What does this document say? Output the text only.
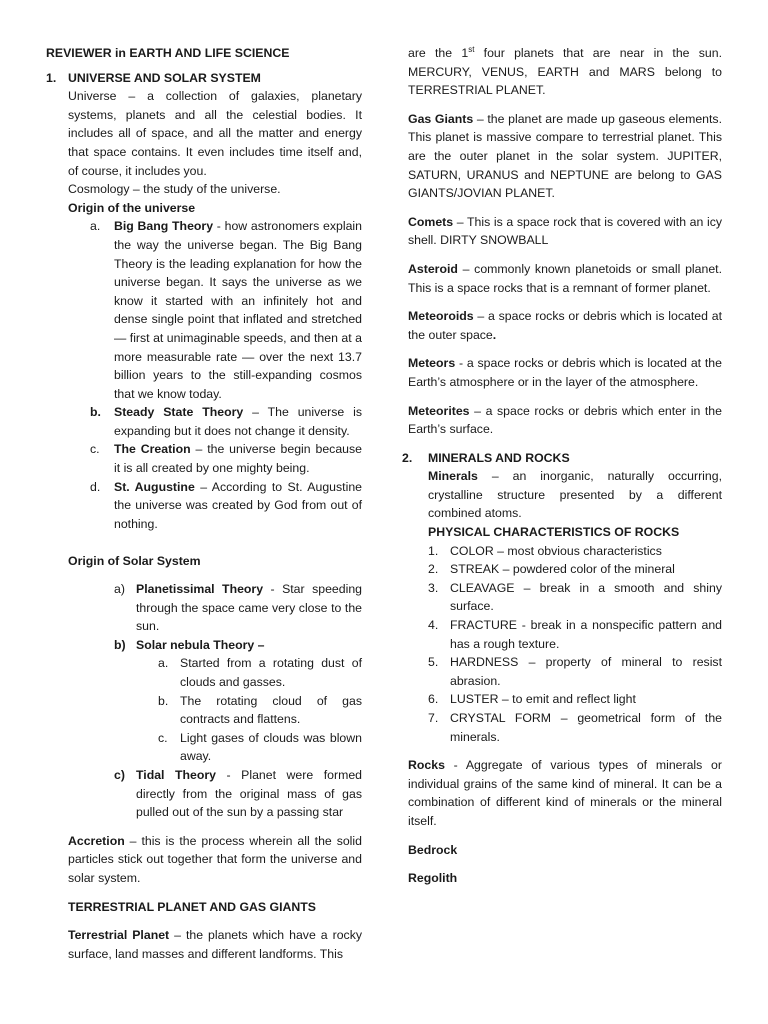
REVIEWER in EARTH AND LIFE SCIENCE

1. UNIVERSE AND SOLAR SYSTEM

Universe – a collection of galaxies, planetary systems, planets and all the celestial bodies. It includes all of space, and all the matter and energy that space contains. It even includes time itself and, of course, it includes you.

Cosmology – the study of the universe.

Origin of the universe

a.	Big Bang Theory - how astronomers explain the way the universe began. The Big Bang Theory is the leading explanation for how the universe began. It says the universe as we know it started with an infinitely hot and dense single point that inflated and stretched — first at unimaginable speeds, and then at a more measurable rate — over the next 13.7 billion years to the still-expanding cosmos that we know today.
b.	Steady State Theory – The universe is expanding but it does not change it density.
c.	The Creation – the universe begin because it is all created by one mighty being.
d.	St. Augustine – According to St. Augustine the universe was created by God from out of nothing.

Origin of Solar System

a) Planetissimal Theory - Star speeding through the space came very close to the sun.
b) Solar nebula Theory –
a. Started from a rotating dust of clouds and gasses.
b. The rotating cloud of gas contracts and flattens.
c.	Light gases of clouds was blown away.
c) Tidal Theory - Planet were formed directly from the original mass of gas pulled out of the sun by a passing star

Accretion – this is the process wherein all the solid particles stick out together that form the universe and solar system.

TERRESTRIAL PLANET AND GAS GIANTS

Terrestrial Planet – the planets which have a rocky surface, land masses and different landforms. This

are the 1st four planets that are near in the sun. MERCURY, VENUS, EARTH and MARS belong to TERRESTRIAL PLANET.

Gas Giants – the planet are made up gaseous elements. This planet is massive compare to terrestrial planet. This are the outer planet in the solar system. JUPITER, SATURN, URANUS and NEPTUNE are belong to GAS GIANTS/JOVIAN PLANET.

Comets – This is a space rock that is covered with an icy shell. DIRTY SNOWBALL

Asteroid – commonly known planetoids or small planet. This is a space rocks that is a remnant of former planet.

Meteoroids – a space rocks or debris which is located at the outer space.

Meteors - a space rocks or debris which is located at the Earth’s atmosphere or in the layer of the atmosphere.

Meteorites – a space rocks or debris which enter in the Earth’s surface.

2.	MINERALS AND ROCKS

Minerals – an inorganic, naturally occurring, crystalline structure presented by a different combined atoms.

PHYSICAL CHARACTERISTICS OF ROCKS

1. COLOR – most obvious characteristics
2. STREAK – powdered color of the mineral
3. CLEAVAGE – break in a smooth and shiny surface.
4. FRACTURE - break in a nonspecific pattern and has a rough texture.
5. HARDNESS – property of mineral to resist abrasion.
6. LUSTER – to emit and reflect light
7. CRYSTAL FORM – geometrical form of the minerals.

Rocks - Aggregate of various types of minerals or individual grains of the same kind of mineral. It can be a combination of different kind of minerals or the mineral itself.

Bedrock

Regolith
